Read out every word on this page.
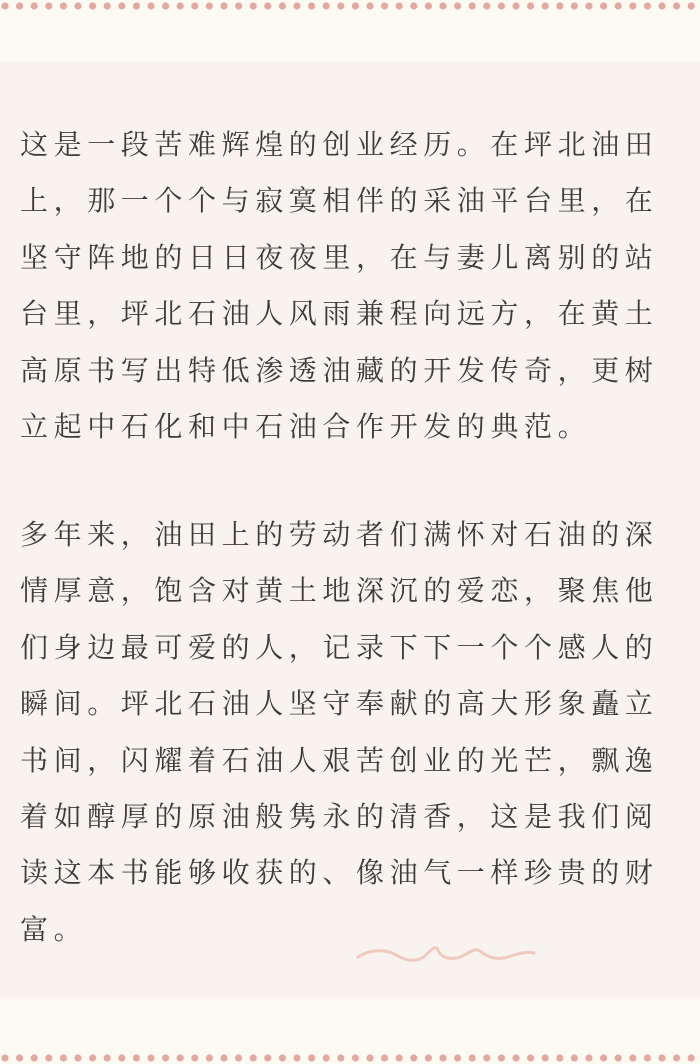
这是一段苦难辉煌的创业经历。在坪北油田上，那一个个与寂寞相伴的采油平台里，在坚守阵地的日日夜夜里，在与妻儿离别的站台里，坪北石油人风雨兼程向远方，在黄土高原书写出特低渗透油藏的开发传奇，更树立起中石化和中石油合作开发的典范。

多年来，油田上的劳动者们满怀对石油的深情厚意，饱含对黄土地深沉的爱恋，聚焦他们身边最可爱的人，记录下下一个个感人的瞬间。坪北石油人坚守奉献的高大形象矗立书间，闪耀着石油人艰苦创业的光芒，飘逸着如醇厚的原油般隽永的清香，这是我们阅读这本书能够收获的、像油气一样珍贵的财富。
